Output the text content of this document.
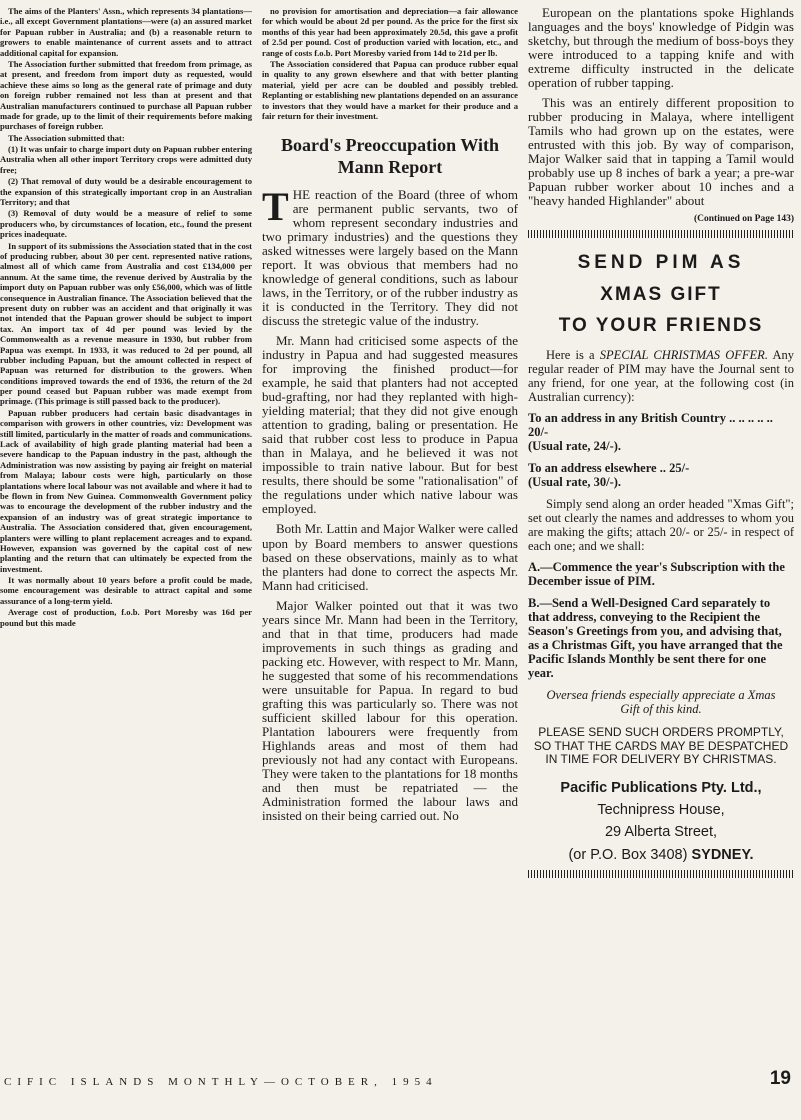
The aims of the Planters' Assn., which represents 34 plantations—i.e., all except Government plantations—were (a) an assured market for Papuan rubber in Australia; and (b) a reasonable return to growers to enable maintenance of current assets and to attract additional capital for expansion.

The Association further submitted that freedom from primage, as at present, and freedom from import duty as requested, would achieve these aims so long as the general rate of primage and duty on foreign rubber remained not less than at present and that Australian manufacturers continued to purchase all Papuan rubber made for grade, up to the limit of their requirements before making purchases of foreign rubber.

The Association submitted that:

(1) It was unfair to charge import duty on Papuan rubber entering Australia when all other import Territory crops were admitted duty free;

(2) That removal of duty would be a desirable encouragement to the expansion of this strategically important crop in an Australian Territory; and that

(3) Removal of duty would be a measure of relief to some producers who, by circumstances of location, etc., found the present prices inadequate.

In support of its submissions the Association stated that in the cost of producing rubber, about 30 per cent. represented native rations, almost all of which came from Australia and cost £134,000 per annum. At the same time, the revenue derived by Australia by the import duty on Papuan rubber was only £56,000, which was of little consequence in Australian finance. The Association believed that the present duty on rubber was an accident and that originally it was not intended that the Papuan grower should be subject to import tax. An import tax of 4d per pound was levied by the Commonwealth as a revenue measure in 1930, but rubber from Papua was exempt. In 1933, it was reduced to 2d per pound, all rubber including Papuan, but the amount collected in respect of Papuan was returned for distribution to the growers. When conditions improved towards the end of 1936, the return of the 2d per pound ceased but Papuan rubber was made exempt from primage. (This primage is still passed back to the producer).

Papuan rubber producers had certain basic disadvantages in comparison with growers in other countries, viz: Development was still limited, particularly in the matter of roads and communications. Lack of availability of high grade planting material had been a severe handicap to the Papuan industry in the past, although the Administration was now assisting by paying air freight on material from Malaya; labour costs were high, particularly on those plantations where local labour was not available and where it had to be flown in from New Guinea. Commonwealth Government policy was to encourage the development of the rubber industry and the expansion of an industry was of great strategic importance to Australia. The Association considered that, given encouragement, planters were willing to plant replacement acreages and to expand. However, expansion was governed by the capital cost of new planting and the return that can ultimately be expected from the investment.

It was normally about 10 years before a profit could be made, some encouragement was desirable to attract capital and some assurance of a long-term yield.

Average cost of production, f.o.b. Port Moresby was 16d per pound but this made

no provision for amortisation and depreciation—a fair allowance for which would be about 2d per pound. As the price for the first six months of this year had been approximately 20.5d, this gave a profit of 2.5d per pound. Cost of production varied with location, etc., and range of costs f.o.b. Port Moresby varied from 14d to 21d per lb.

The Association considered that Papua can produce rubber equal in quality to any grown elsewhere and that with better planting material, yield per acre can be doubled and possibly trebled. Replanting or establishing new plantations depended on an assurance to investors that they would have a market for their produce and a fair return for their investment.

Board's Preoccupation With Mann Report

THE reaction of the Board (three of whom are permanent public servants, two of whom represent secondary industries and two primary industries) and the questions they asked witnesses were largely based on the Mann report. It was obvious that members had no knowledge of general conditions, such as labour laws, in the Territory, or of the rubber industry as it is conducted in the Territory. They did not discuss the stretegic value of the industry.

Mr. Mann had criticised some aspects of the industry in Papua and had suggested measures for improving the finished product—for example, he said that planters had not accepted bud-grafting, nor had they replanted with high-yielding material; that they did not give enough attention to grading, baling or presentation. He said that rubber cost less to produce in Papua than in Malaya, and he believed it was not impossible to train native labour. But for best results, there should be some "rationalisation" of the regulations under which native labour was employed.

Both Mr. Lattin and Major Walker were called upon by Board members to answer questions based on these observations, mainly as to what the planters had done to correct the aspects Mr. Mann had criticised.

Major Walker pointed out that it was two years since Mr. Mann had been in the Territory, and that in that time, producers had made improvements in such things as grading and packing etc. However, with respect to Mr. Mann, he suggested that some of his recommendations were unsuitable for Papua. In regard to bud grafting this was particularly so. There was not sufficient skilled labour for this operation. Plantation labourers were frequently from Highlands areas and most of them had previously not had any contact with Europeans. They were taken to the plantations for 18 months and then must be repatriated — the Administration formed the labour laws and insisted on their being carried out. No

European on the plantations spoke Highlands languages and the boys' knowledge of Pidgin was sketchy, but through the medium of boss-boys they were introduced to a tapping knife and with extreme difficulty instructed in the delicate operation of rubber tapping.

This was an entirely different proposition to rubber producing in Malaya, where intelligent Tamils who had grown up on the estates, were entrusted with this job. By way of comparison, Major Walker said that in tapping a Tamil would probably use up 8 inches of bark a year; a pre-war Papuan rubber worker about 10 inches and a "heavy handed Highlander" about

(Continued on Page 143)
SEND PIM AS
XMAS GIFT
TO YOUR FRIENDS

Here is a SPECIAL CHRISTMAS OFFER. Any regular reader of PIM may have the Journal sent to any friend, for one year, at the following cost (in Australian currency):

To an address in any British Country .. .. .. .. .. 20/-
(Usual rate, 24/-).
To an address elsewhere .. 25/-
(Usual rate, 30/-).

Simply send along an order headed "Xmas Gift"; set out clearly the names and addresses to whom you are making the gifts; attach 20/- or 25/- in respect of each one; and we shall:

A.—Commence the year's Subscription with the December issue of PIM.
B.—Send a Well-Designed Card separately to that address, conveying to the Recipient the Season's Greetings from you, and advising that, as a Christmas Gift, you have arranged that the Pacific Islands Monthly be sent there for one year.
Oversea friends especially appreciate a Xmas Gift of this kind.
PLEASE SEND SUCH ORDERS PROMPTLY, SO THAT THE CARDS MAY BE DESPATCHED IN TIME FOR DELIVERY BY CHRISTMAS.
Pacific Publications Pty. Ltd.,
Technipress House,
29 Alberta Street,
(or P.O. Box 3408) SYDNEY.
CIFIC ISLANDS MONTHLY—OCTOBER, 1954	19
